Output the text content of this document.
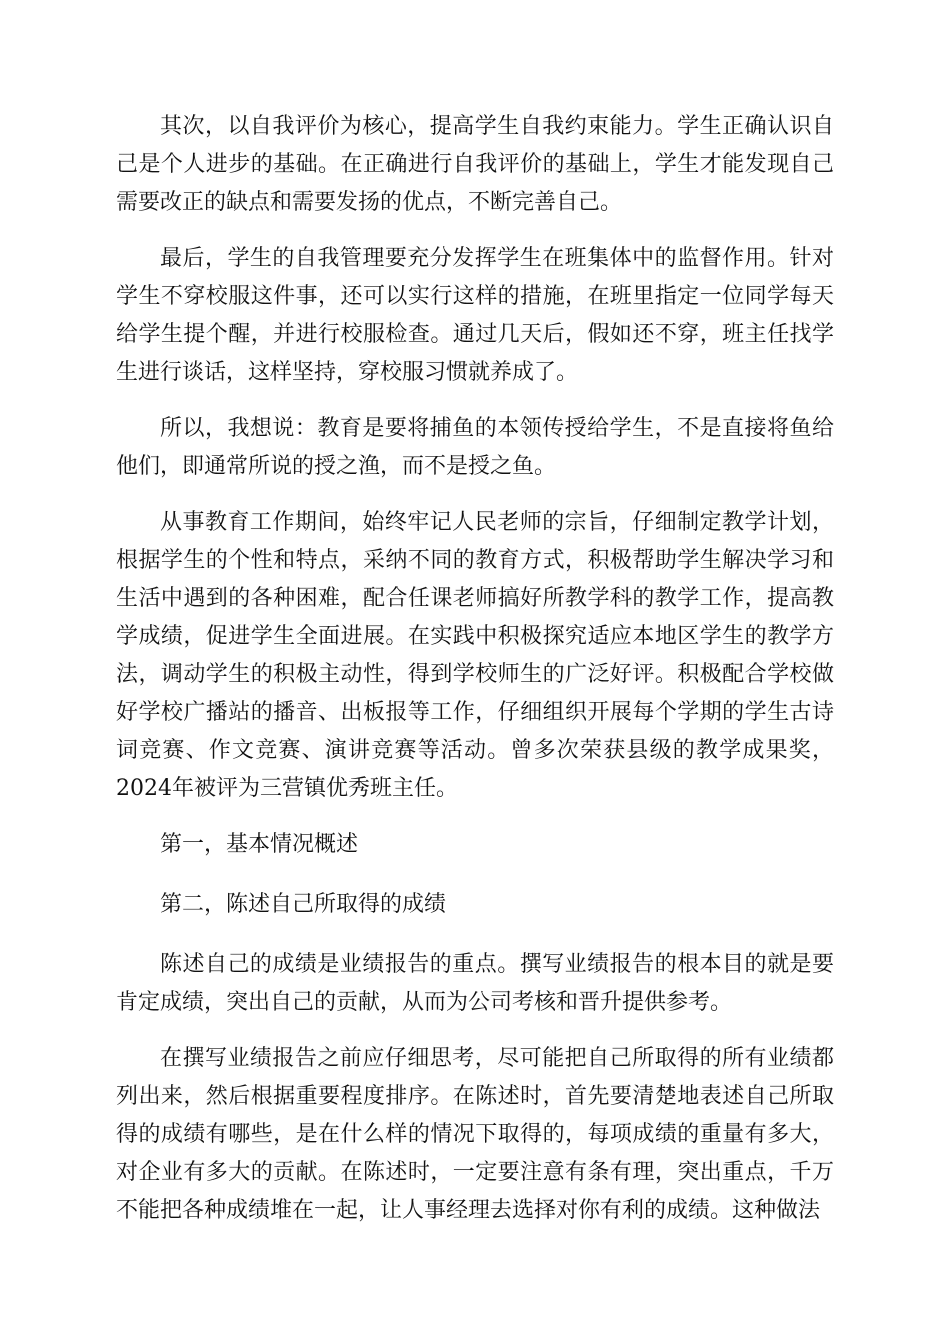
其次，以自我评价为核心，提高学生自我约束能力。学生正确认识自己是个人进步的基础。在正确进行自我评价的基础上，学生才能发现自己需要改正的缺点和需要发扬的优点，不断完善自己。

最后，学生的自我管理要充分发挥学生在班集体中的监督作用。针对学生不穿校服这件事，还可以实行这样的措施，在班里指定一位同学每天给学生提个醒，并进行校服检查。通过几天后，假如还不穿，班主任找学生进行谈话，这样坚持，穿校服习惯就养成了。

所以，我想说：教育是要将捕鱼的本领传授给学生，不是直接将鱼给他们，即通常所说的授之渔，而不是授之鱼。

从事教育工作期间，始终牢记人民老师的宗旨，仔细制定教学计划，根据学生的个性和特点，采纳不同的教育方式，积极帮助学生解决学习和生活中遇到的各种困难，配合任课老师搞好所教学科的教学工作，提高教学成绩，促进学生全面进展。在实践中积极探究适应本地区学生的教学方法，调动学生的积极主动性，得到学校师生的广泛好评。积极配合学校做好学校广播站的播音、出板报等工作，仔细组织开展每个学期的学生古诗词竞赛、作文竞赛、演讲竞赛等活动。曾多次荣获县级的教学成果奖，2024年被评为三营镇优秀班主任。

第一，基本情况概述

第二，陈述自己所取得的成绩

陈述自己的成绩是业绩报告的重点。撰写业绩报告的根本目的就是要肯定成绩，突出自己的贡献，从而为公司考核和晋升提供参考。

在撰写业绩报告之前应仔细思考，尽可能把自己所取得的所有业绩都列出来，然后根据重要程度排序。在陈述时，首先要清楚地表述自己所取得的成绩有哪些，是在什么样的情况下取得的，每项成绩的重量有多大，对企业有多大的贡献。在陈述时，一定要注意有条有理，突出重点，千万不能把各种成绩堆在一起，让人事经理去选择对你有利的成绩。这种做法
